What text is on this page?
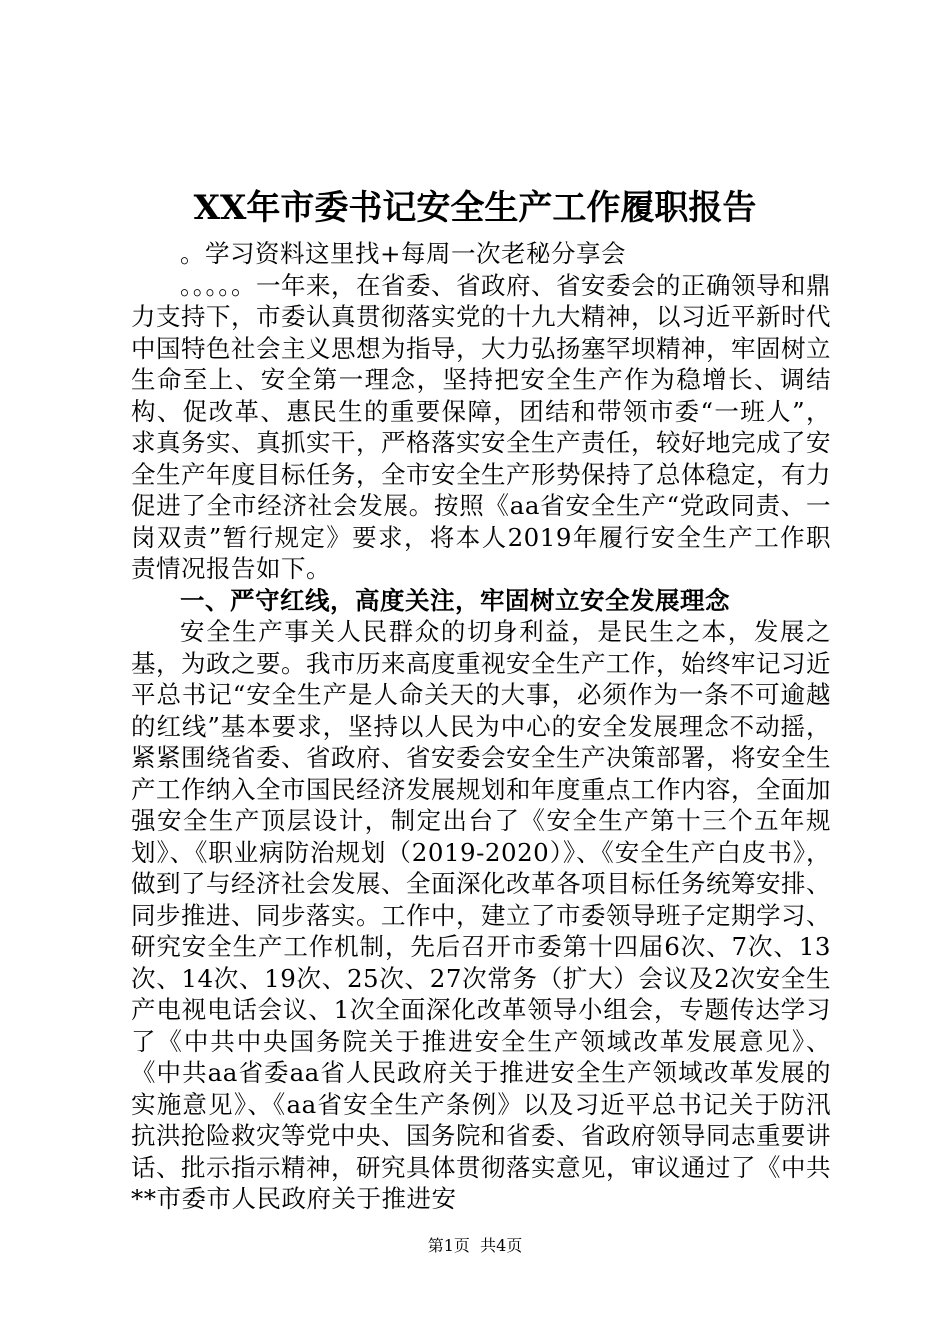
XX年市委书记安全生产工作履职报告

。学习资料这里找+每周一次老秘分享会

。。。。。一年来，在省委、省政府、省安委会的正确领导和鼎力支持下，市委认真贯彻落实党的十九大精神，以习近平新时代中国特色社会主义思想为指导，大力弘扬塞罕坝精神，牢固树立生命至上、安全第一理念，坚持把安全生产作为稳增长、调结构、促改革、惠民生的重要保障，团结和带领市委“一班人”，求真务实、真抓实干，严格落实安全生产责任，较好地完成了安全生产年度目标任务，全市安全生产形势保持了总体稳定，有力促进了全市经济社会发展。按照《aa省安全生产“党政同责、一岗双责”暂行规定》要求，将本人2019年履行安全生产工作职责情况报告如下。

一、严守红线，高度关注，牢固树立安全发展理念

安全生产事关人民群众的切身利益，是民生之本，发展之基，为政之要。我市历来高度重视安全生产工作，始终牢记习近平总书记“安全生产是人命关天的大事，必须作为一条不可逾越的红线”基本要求，坚持以人民为中心的安全发展理念不动摇，紧紧围绕省委、省政府、省安委会安全生产决策部署，将安全生产工作纳入全市国民经济发展规划和年度重点工作内容，全面加强安全生产顶层设计，制定出台了《安全生产第十三个五年规划》、《职业病防治规划（2019-2020）》、《安全生产白皮书》，做到了与经济社会发展、全面深化改革各项目标任务统筹安排、同步推进、同步落实。工作中，建立了市委领导班子定期学习、研究安全生产工作机制，先后召开市委第十四届6次、7次、13次、14次、19次、25次、27次常务（扩大）会议及2次安全生产电视电话会议、1次全面深化改革领导小组会，专题传达学习了《中共中央国务院关于推进安全生产领域改革发展意见》、《中共aa省委aa省人民政府关于推进安全生产领域改革发展的实施意见》、《aa省安全生产条例》以及习近平总书记关于防汛抗洪抢险救灾等党中央、国务院和省委、省政府领导同志重要讲话、批示指示精神，研究具体贯彻落实意见，审议通过了《中共**市委市人民政府关于推进安

第1页  共4页
